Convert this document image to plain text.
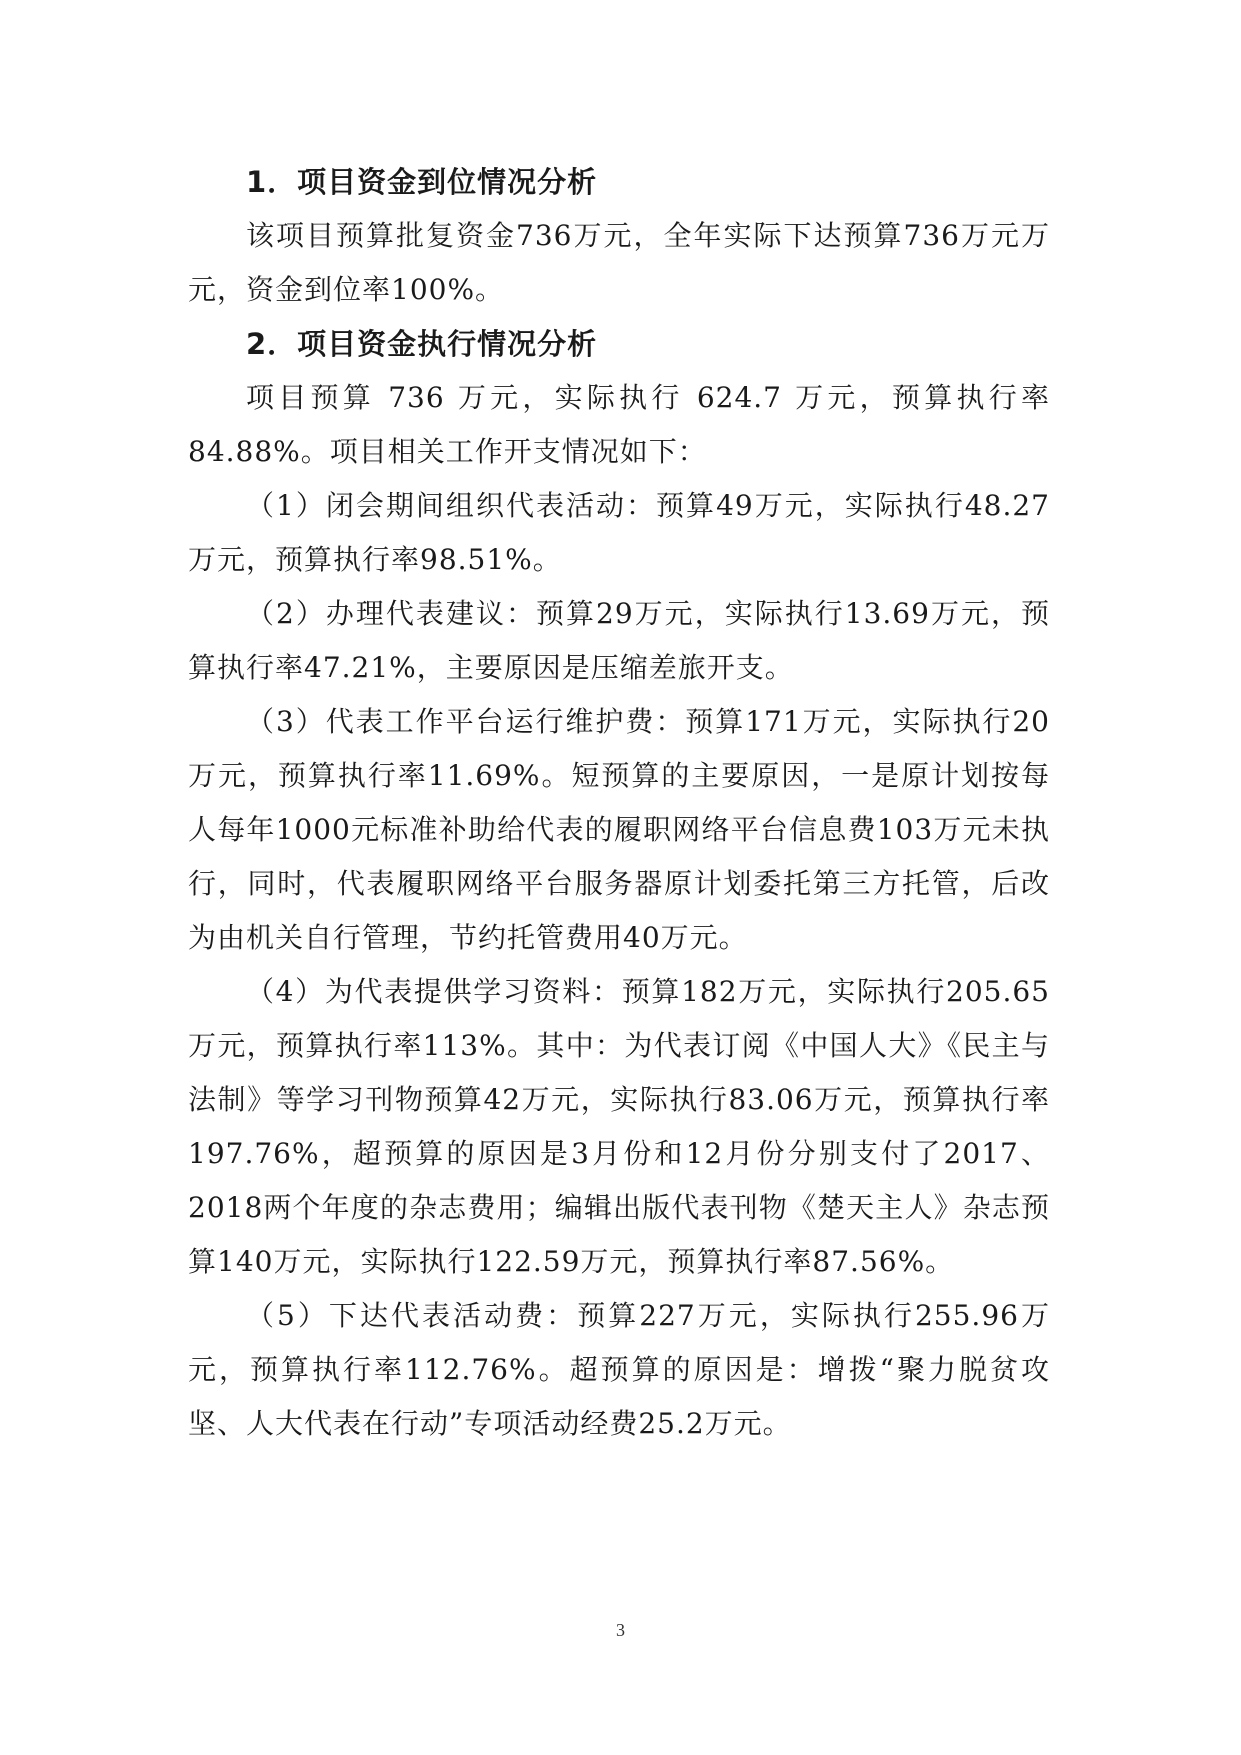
1．项目资金到位情况分析

该项目预算批复资金736万元，全年实际下达预算736万元万元，资金到位率100%。

2．项目资金执行情况分析

项目预算 736 万元，实际执行 624.7 万元，预算执行率84.88%。项目相关工作开支情况如下：

（1）闭会期间组织代表活动：预算49万元，实际执行48.27万元，预算执行率98.51%。

（2）办理代表建议：预算29万元，实际执行13.69万元，预算执行率47.21%，主要原因是压缩差旅开支。

（3）代表工作平台运行维护费：预算171万元，实际执行20万元，预算执行率11.69%。短预算的主要原因，一是原计划按每人每年1000元标准补助给代表的履职网络平台信息费103万元未执行，同时，代表履职网络平台服务器原计划委托第三方托管，后改为由机关自行管理，节约托管费用40万元。

（4）为代表提供学习资料：预算182万元，实际执行205.65万元，预算执行率113%。其中：为代表订阅《中国人大》《民主与法制》等学习刊物预算42万元，实际执行83.06万元，预算执行率197.76%，超预算的原因是3月份和12月份分别支付了2017、2018两个年度的杂志费用；编辑出版代表刊物《楚天主人》杂志预算140万元，实际执行122.59万元，预算执行率87.56%。

（5）下达代表活动费：预算227万元，实际执行255.96万元，预算执行率112.76%。超预算的原因是：增拨“聚力脱贫攻坚、人大代表在行动”专项活动经费25.2万元。

3
